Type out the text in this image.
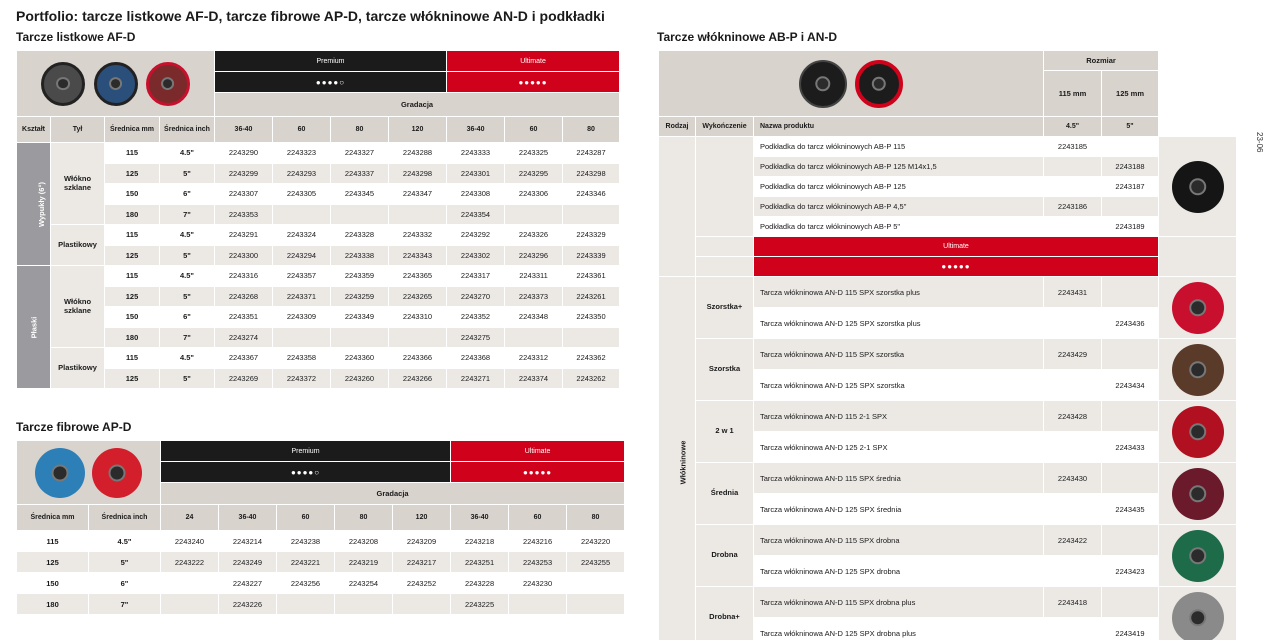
Portfolio: tarcze listkowe AF-D, tarcze fibrowe AP-D, tarcze włókninowe AN-D i podkładki
Tarcze listkowe AF-D
				Premium				Ultimate		
				●●●●○				●●●●●		
				Gradacja						
Kształt	Tył	Średnica mm	Średnica inch	36-40	60	80	120	36-40	60	80
Wypukły (6°)	Włókno szklane	115	4.5"	2243290	2243323	2243327	2243288	2243333	2243325	2243287
		125	5"	2243299	2243293	2243337	2243298	2243301	2243295	2243298
		150	6"	2243307	2243305	2243345	2243347	2243308	2243306	2243346
		180	7"	2243353				2243354		
	Plastikowy	115	4.5"	2243291	2243324	2243328	2243332	2243292	2243326	2243329
		125	5"	2243300	2243294	2243338	2243343	2243302	2243296	2243339
Płaski	Włókno szklane	115	4.5"	2243316	2243357	2243359	2243365	2243317	2243311	2243361
		125	5"	2243268	2243371	2243259	2243265	2243270	2243373	2243261
		150	6"	2243351	2243309	2243349	2243310	2243352	2243348	2243350
		180	7"	2243274				2243275		
	Plastikowy	115	4.5"	2243367	2243358	2243360	2243366	2243368	2243312	2243362
		125	5"	2243269	2243372	2243260	2243266	2243271	2243374	2243262
Tarcze fibrowe AP-D
		Premium					Ultimate		
		●●●●○					●●●●●		
		Gradacja							
Średnica mm	Średnica inch	24	36-40	60	80	120	36-40	60	80
115	4.5"	2243240	2243214	2243238	2243208	2243209	2243218	2243216	2243220
125	5"	2243222	2243249	2243221	2243219	2243217	2243251	2243253	2243255
150	6"		2243227	2243256	2243254	2243252	2243228	2243230	
180	7"		2243226				2243225		
Tarcze włókninowe AB-P i AN-D
			Rozmiar		
			115 mm	125 mm	
Rodzaj	Wykończenie	Nazwa produktu	4.5"	5"	
		Podkładka do tarcz włókninowych AB-P 115	2243185		
		Podkładka do tarcz włókninowych AB-P 125 M14x1,5		2243188	
		Podkładka do tarcz włókninowych AB-P 125		2243187	
		Podkładka do tarcz włókninowych AB-P 4,5"	2243186		
		Podkładka do tarcz włókninowych AB-P 5"		2243189	
		Ultimate			
		●●●●●			
Włókninowe	Szorstka+	Tarcza włókninowa AN-D 115 SPX szorstka plus	2243431		
		Tarcza włókninowa AN-D 125 SPX szorstka plus		2243436	
	Szorstka	Tarcza włókninowa AN-D 115 SPX szorstka	2243429		
		Tarcza włókninowa AN-D 125 SPX szorstka		2243434	
	2 w 1	Tarcza włókninowa AN-D 115 2-1 SPX	2243428		
		Tarcza włókninowa AN-D 125 2-1 SPX		2243433	
	Średnia	Tarcza włókninowa AN-D 115 SPX średnia	2243430		
		Tarcza włókninowa AN-D 125 SPX średnia		2243435	
	Drobna	Tarcza włókninowa AN-D 115 SPX drobna	2243422		
		Tarcza włókninowa AN-D 125 SPX drobna		2243423	
	Drobna+	Tarcza włókninowa AN-D 115 SPX drobna plus	2243418		
		Tarcza włókninowa AN-D 125 SPX drobna plus		2243419	
23-06
